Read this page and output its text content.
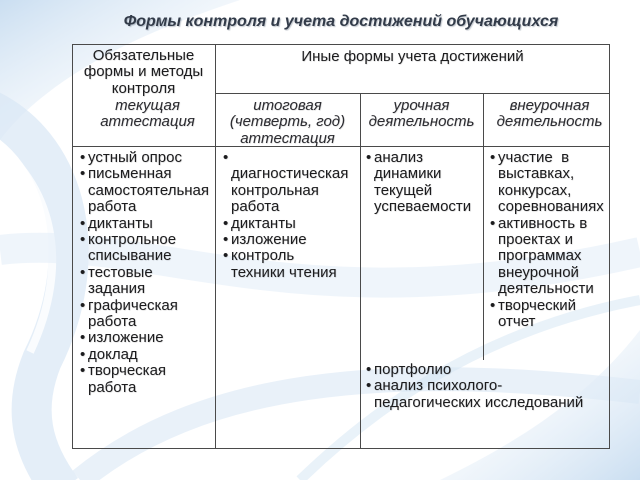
Формы контроля и учета достижений обучающихся
Обязательные
формы и методы
контроля
Иные формы учета достижений
текущая
аттестация
итоговая
(четверть, год)
аттестация
урочная
деятельность
внеурочная
деятельность
• устный опрос
• письменная
самостоятельная
работа
• диктанты
• контрольное
списывание
• тестовые
задания
• графическая
работа
• изложение
• доклад
• творческая
работа
• диагностическая
контрольная
работа
• диктанты
• изложение
• контроль
техники чтения
• анализ
динамики
текущей
успеваемости
• участие  в
выставках,
конкурсах,
соревнованиях
• активность в
проектах и
программах
внеурочной
деятельности
• творческий
отчет
• портфолио
• анализ психолого-
педагогических исследований
